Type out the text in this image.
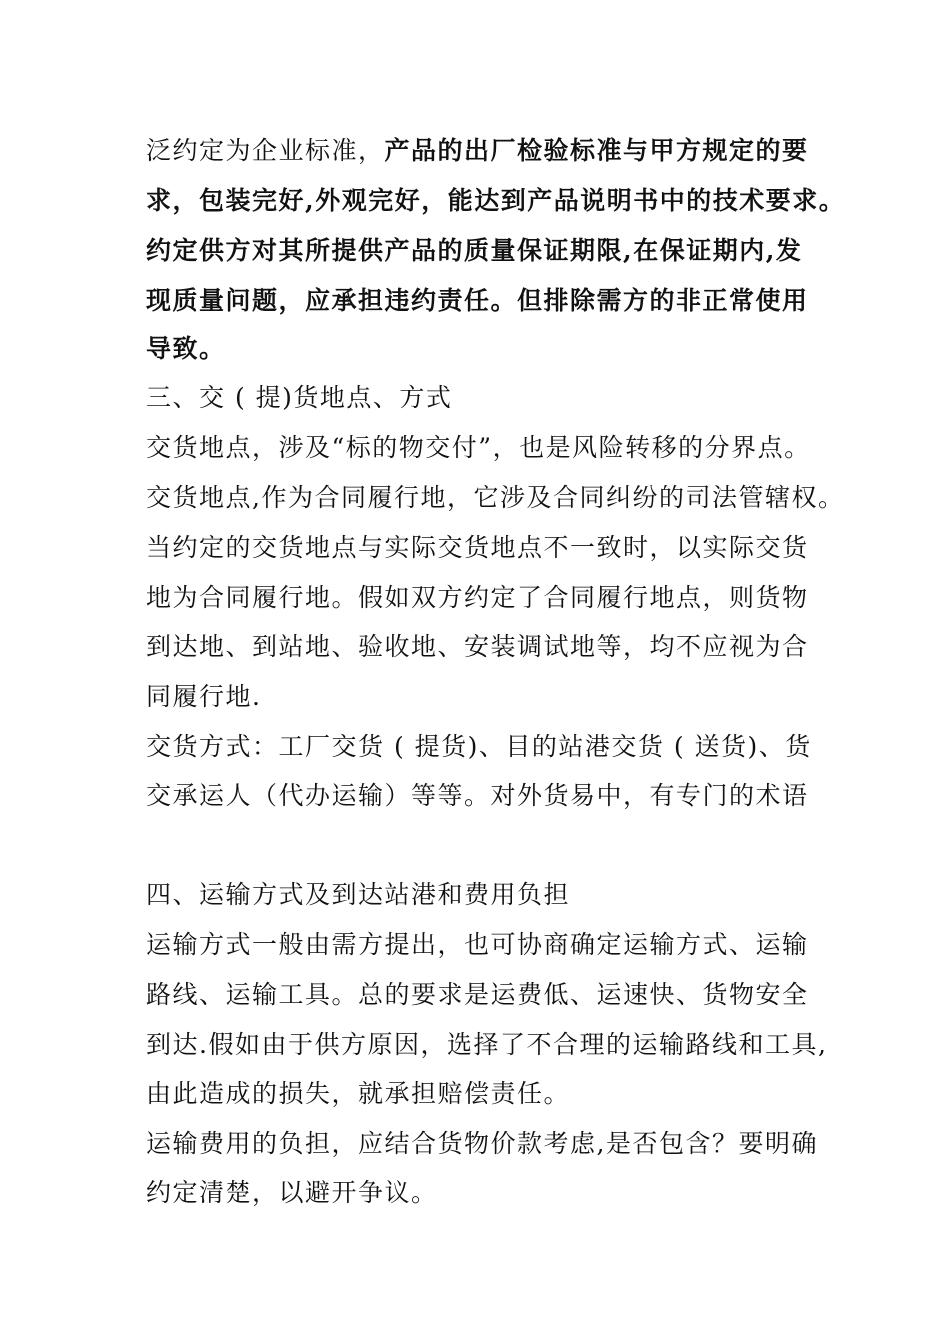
泛约定为企业标准，产品的出厂检验标准与甲方规定的要
求，包装完好,外观完好，能达到产品说明书中的技术要求。
约定供方对其所提供产品的质量保证期限,在保证期内,发
现质量问题，应承担违约责任。但排除需方的非正常使用
导致。
三、交 ( 提)货地点、方式
交货地点，涉及“标的物交付”，也是风险转移的分界点。
交货地点,作为合同履行地，它涉及合同纠纷的司法管辖权。
当约定的交货地点与实际交货地点不一致时，以实际交货
地为合同履行地。假如双方约定了合同履行地点，则货物
到达地、到站地、验收地、安装调试地等，均不应视为合
同履行地.
交货方式：工厂交货 ( 提货)、目的站港交货 ( 送货)、货
交承运人（代办运输）等等。对外货易中，有专门的术语
四、运输方式及到达站港和费用负担
运输方式一般由需方提出，也可协商确定运输方式、运输
路线、运输工具。总的要求是运费低、运速快、货物安全
到达.假如由于供方原因，选择了不合理的运输路线和工具,
由此造成的损失，就承担赔偿责任。
运输费用的负担，应结合货物价款考虑,是否包含？要明确
约定清楚，以避开争议。
